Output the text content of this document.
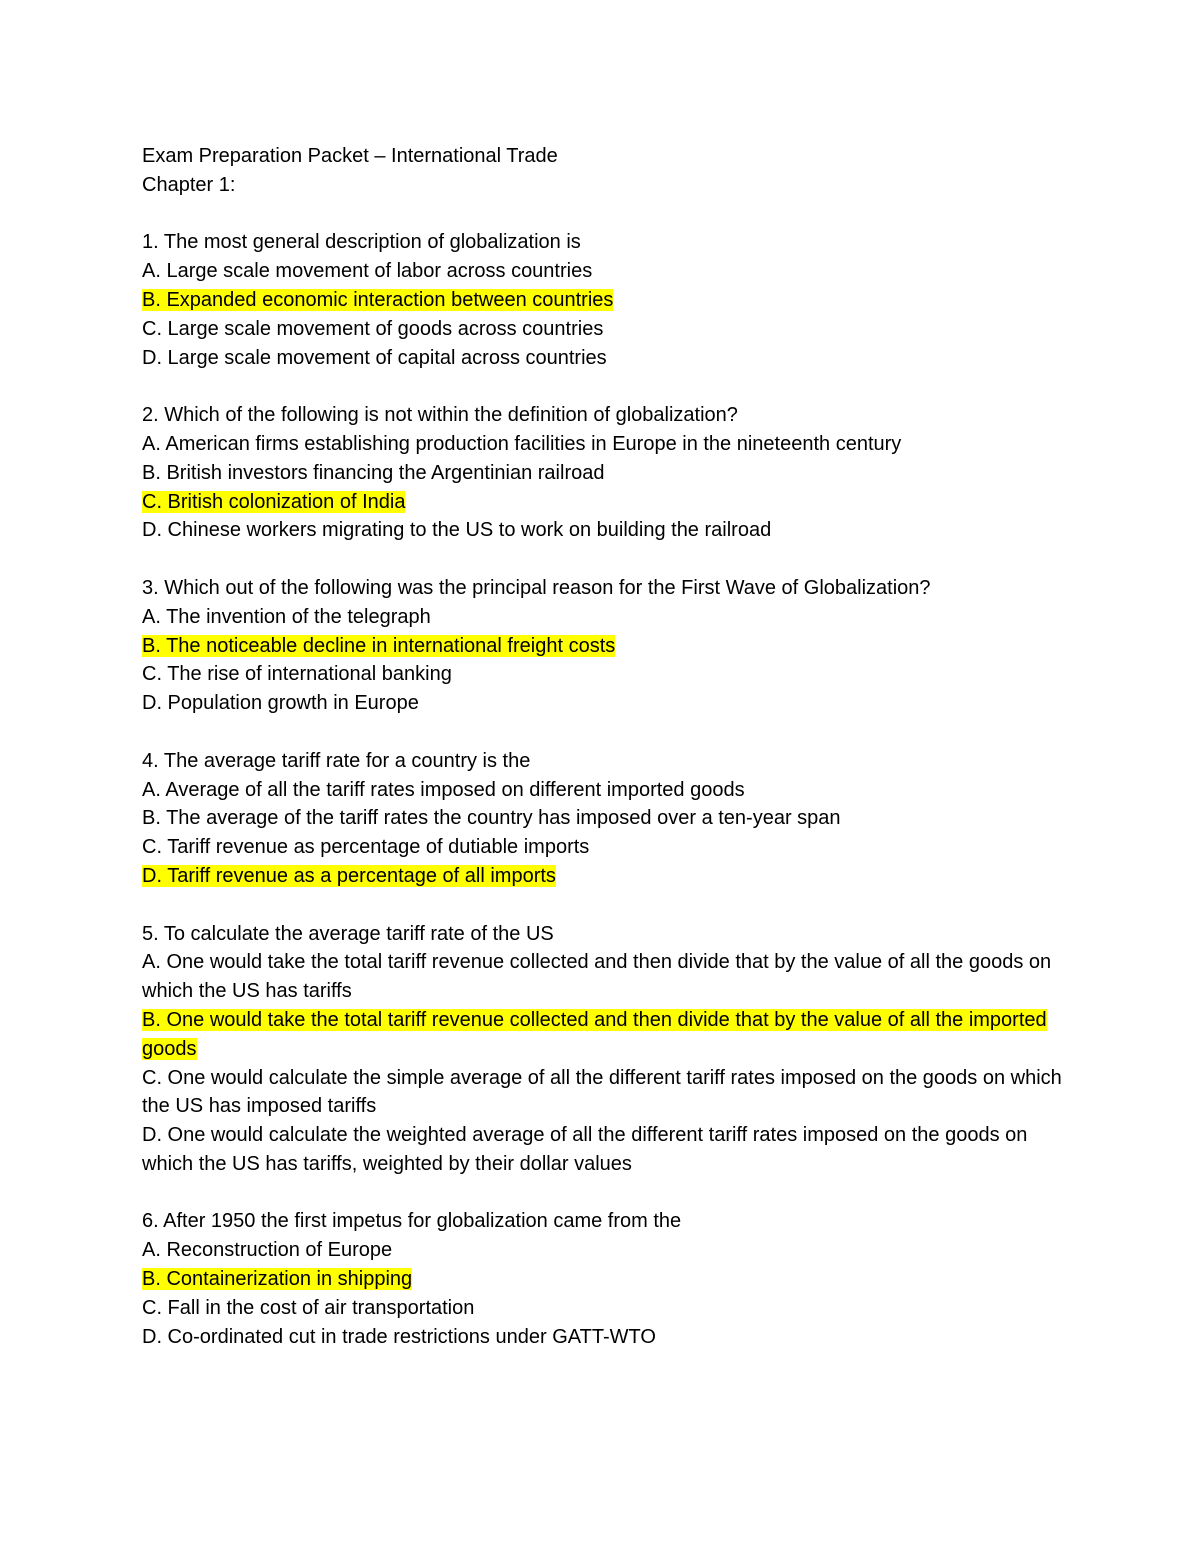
Exam Preparation Packet – International Trade

Chapter 1:

1. The most general description of globalization is

A. Large scale movement of labor across countries

B. Expanded economic interaction between countries

C. Large scale movement of goods across countries

D. Large scale movement of capital across countries

2. Which of the following is not within the definition of globalization?

A. American firms establishing production facilities in Europe in the nineteenth century

B. British investors financing the Argentinian railroad

C. British colonization of India

D. Chinese workers migrating to the US to work on building the railroad

3. Which out of the following was the principal reason for the First Wave of Globalization?

A. The invention of the telegraph

B. The noticeable decline in international freight costs

C. The rise of international banking

D. Population growth in Europe

4. The average tariff rate for a country is the

A. Average of all the tariff rates imposed on different imported goods

B. The average of the tariff rates the country has imposed over a ten-year span

C. Tariff revenue as percentage of dutiable imports

D. Tariff revenue as a percentage of all imports

5. To calculate the average tariff rate of the US

A. One would take the total tariff revenue collected and then divide that by the value of all the goods on which the US has tariffs

B. One would take the total tariff revenue collected and then divide that by the value of all the imported goods

C. One would calculate the simple average of all the different tariff rates imposed on the goods on which the US has imposed tariffs

D. One would calculate the weighted average of all the different tariff rates imposed on the goods on which the US has tariffs, weighted by their dollar values

6. After 1950 the first impetus for globalization came from the

A. Reconstruction of Europe

B. Containerization in shipping

C. Fall in the cost of air transportation

D. Co-ordinated cut in trade restrictions under GATT-WTO
